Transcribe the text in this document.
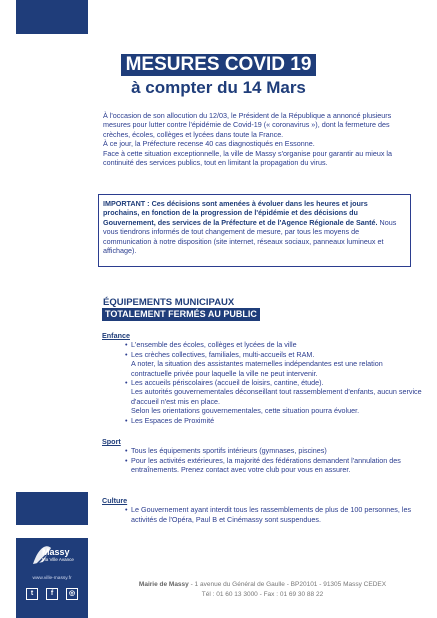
MESURES COVID 19
à compter du 14 Mars

À l'occasion de son allocution du 12/03, le Président de la République a annoncé plusieurs mesures pour lutter contre l'épidémie de Covid-19 (« coronavirus »), dont la fermeture des crèches, écoles, collèges et lycées dans toute la France.

À ce jour, la Préfecture recense 40 cas diagnostiqués en Essonne.

Face à cette situation exceptionnelle, la ville de Massy s'organise pour garantir au mieux la continuité des services publics, tout en limitant la propagation du virus.

IMPORTANT : Ces décisions sont amenées à évoluer dans les heures et jours prochains, en fonction de la progression de l'épidémie et des décisions du Gouvernement, des services de la Préfecture et de l'Agence Régionale de Santé. Nous vous tiendrons informés de tout changement de mesure, par tous les moyens de communication à notre disposition (site internet, réseaux sociaux, panneaux lumineux et affichage).
ÉQUIPEMENTS MUNICIPAUX
TOTALEMENT FERMÉS AU PUBLIC
Enfance
• L'ensemble des écoles, collèges et lycées de la ville
• Les crèches collectives, familiales, multi-accueils et RAM.
A noter, la situation des assistantes maternelles indépendantes est une relation contractuelle privée pour laquelle la ville ne peut intervenir.
• Les accueils périscolaires (accueil de loisirs, cantine, étude).
Les autorités gouvernementales déconseillant tout rassemblement d'enfants, aucun service d'accueil n'est mis en place.
Selon les orientations gouvernementales, cette situation pourra évoluer.
• Les Espaces de Proximité
Sport
• Tous les équipements sportifs intérieurs (gymnases, piscines)
• Pour les activités extérieures, la majorité des fédérations demandent l'annulation des entraînements. Prenez contact avec votre club pour vous en assurer.
Culture
• Le Gouvernement ayant interdit tous les rassemblements de plus de 100 personnes, les activités de l'Opéra, Paul B et Cinémassy sont suspendues.
Massy
Ma Ville Avance
www.ville-massy.fr
t	f	◎
Mairie de Massy - 1 avenue du Général de Gaulle - BP20101 - 91305 Massy CEDEX
Tél : 01 60 13 3000 - Fax : 01 69 30 88 22
